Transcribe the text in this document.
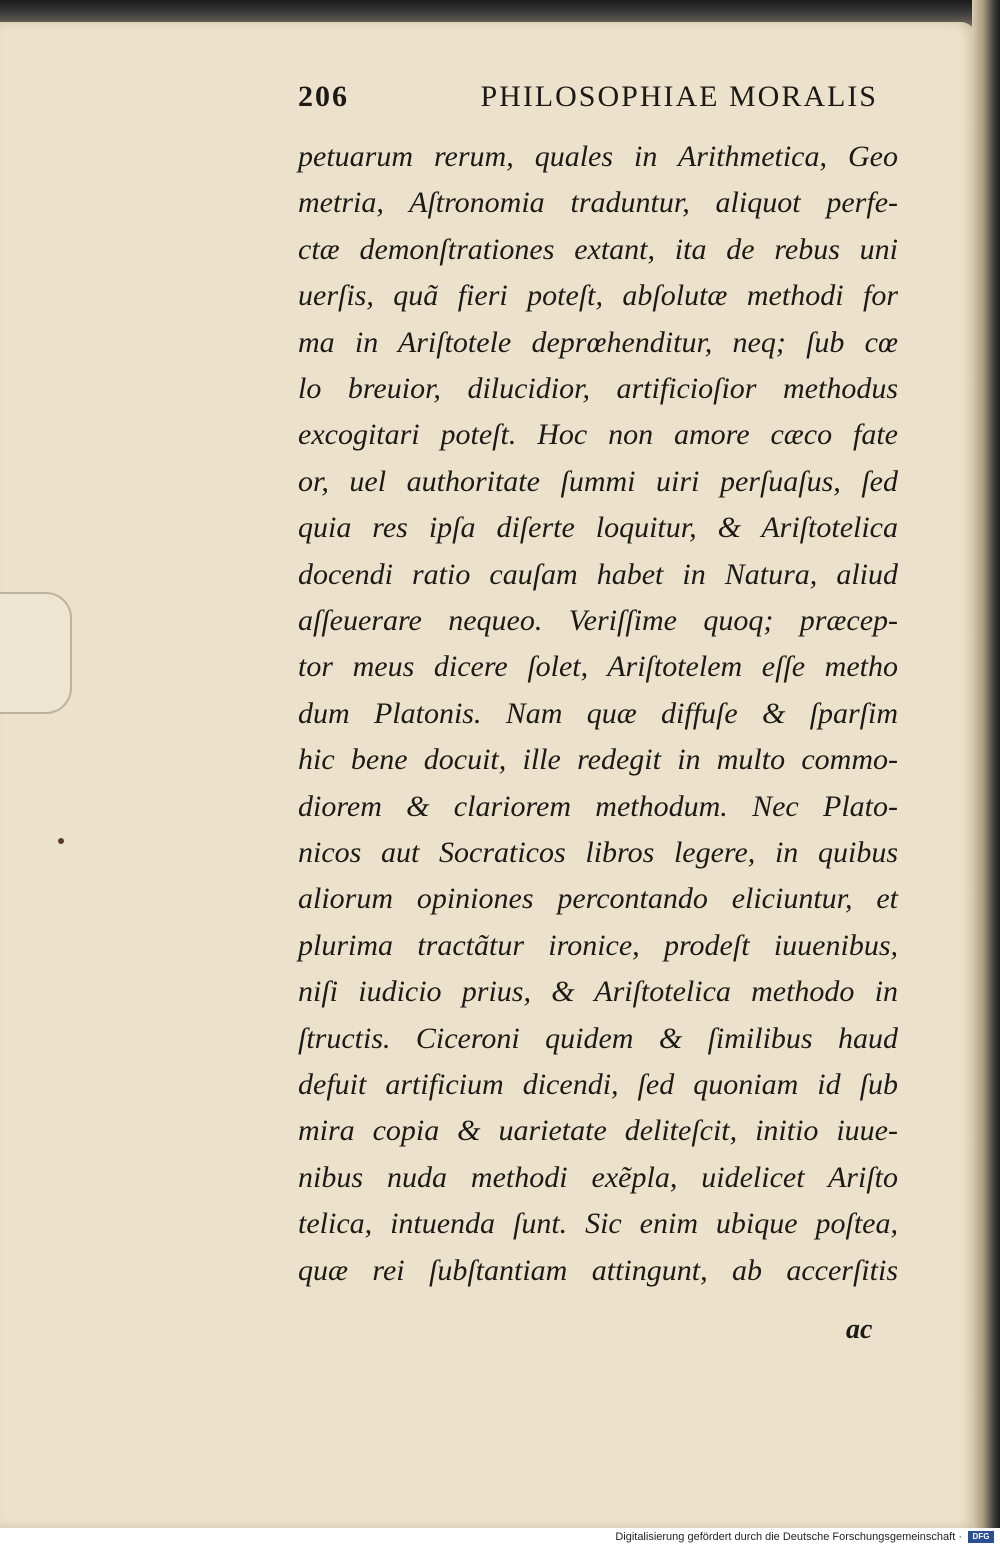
206	PHILOSOPHIAE MORALIS
petuarum rerum, quales in Arithmetica, Geo
metria, Aſtronomia traduntur, aliquot perfe-
ctæ demonſtrationes extant, ita de rebus uni
uerſis, quã fieri poteſt, abſolutæ methodi for
ma in Ariſtotele deprœhenditur, neq; ſub cœ
lo breuior, dilucidior, artificioſior methodus
excogitari poteſt. Hoc non amore cæco fate
or, uel authoritate ſummi uiri perſuaſus, ſed
quia res ipſa diſerte loquitur, & Ariſtotelica
docendi ratio cauſam habet in Natura, aliud
aſſeuerare nequeo. Veriſſime quoq; præcep-
tor meus dicere ſolet, Ariſtotelem eſſe metho
dum Platonis. Nam quæ diffuſe & ſparſim
hic bene docuit, ille redegit in multo commo-
diorem & clariorem methodum. Nec Plato-
nicos aut Socraticos libros legere, in quibus
aliorum opiniones percontando eliciuntur, et
plurima tractãtur ironice, prodeſt iuuenibus,
niſi iudicio prius, & Ariſtotelica methodo in
ſtructis. Ciceroni quidem & ſimilibus haud
defuit artificium dicendi, ſed quoniam id ſub
mira copia & uarietate deliteſcit, initio iuue-
nibus nuda methodi exẽpla, uidelicet Ariſto
telica, intuenda ſunt. Sic enim ubique poſtea,
quæ rei ſubſtantiam attingunt, ab accerſitis
ac
Digitalisierung gefördert durch die Deutsche Forschungsgemeinschaft ·	DFG
